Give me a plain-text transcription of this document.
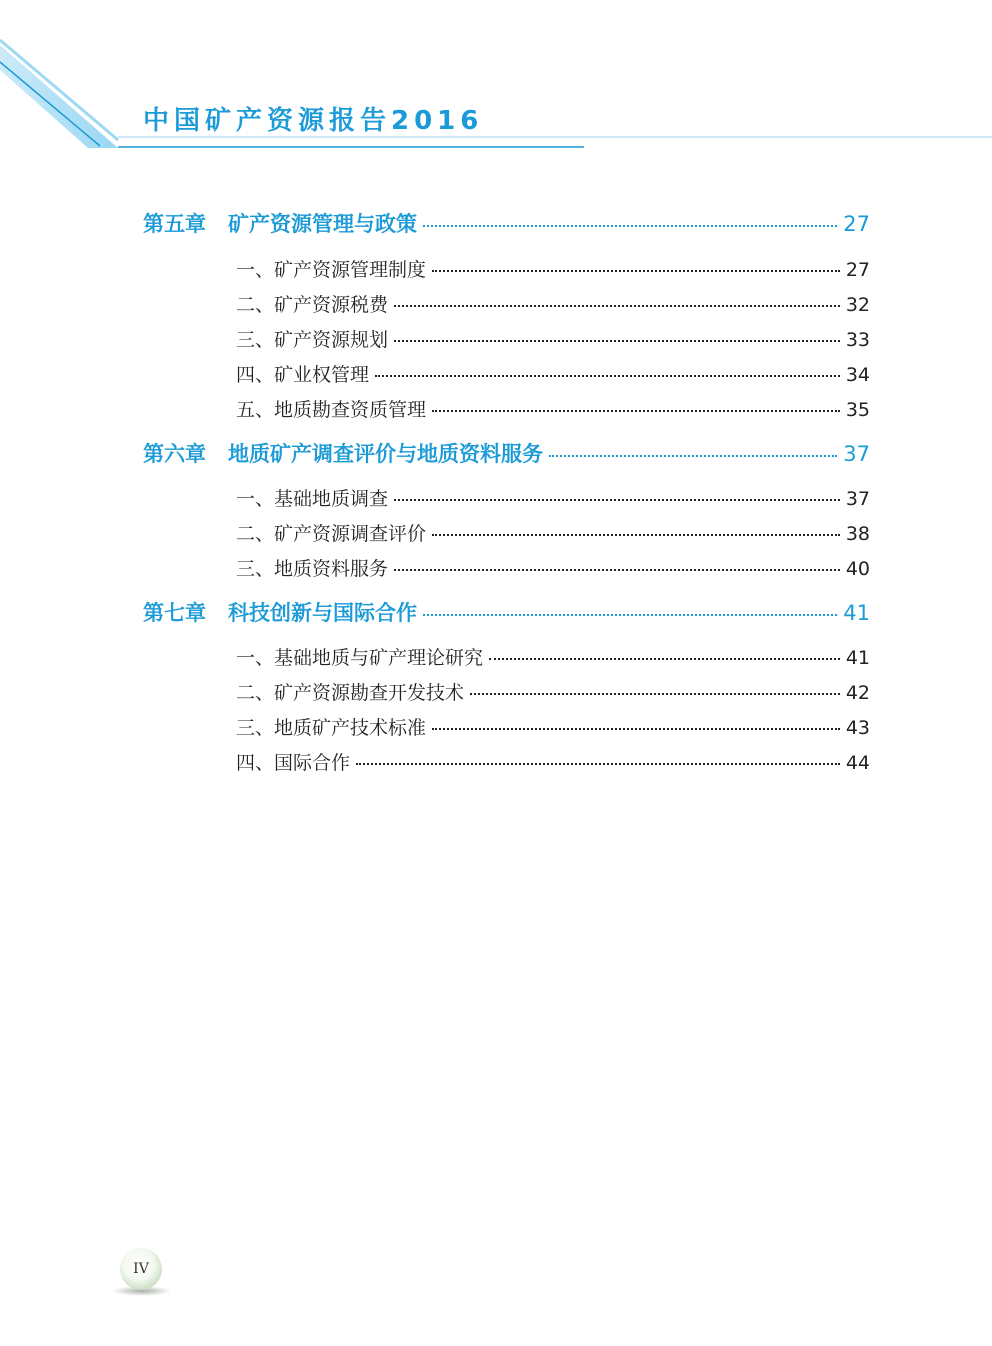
中国矿产资源报告2016
第五章 矿产资源管理与政策	27
一、矿产资源管理制度	27
二、矿产资源税费	32
三、矿产资源规划	33
四、矿业权管理	34
五、地质勘查资质管理	35
第六章 地质矿产调查评价与地质资料服务	37
一、基础地质调查	37
二、矿产资源调查评价	38
三、地质资料服务	40
第七章 科技创新与国际合作	41
一、基础地质与矿产理论研究	41
二、矿产资源勘查开发技术	42
三、地质矿产技术标准	43
四、国际合作	44
IV
